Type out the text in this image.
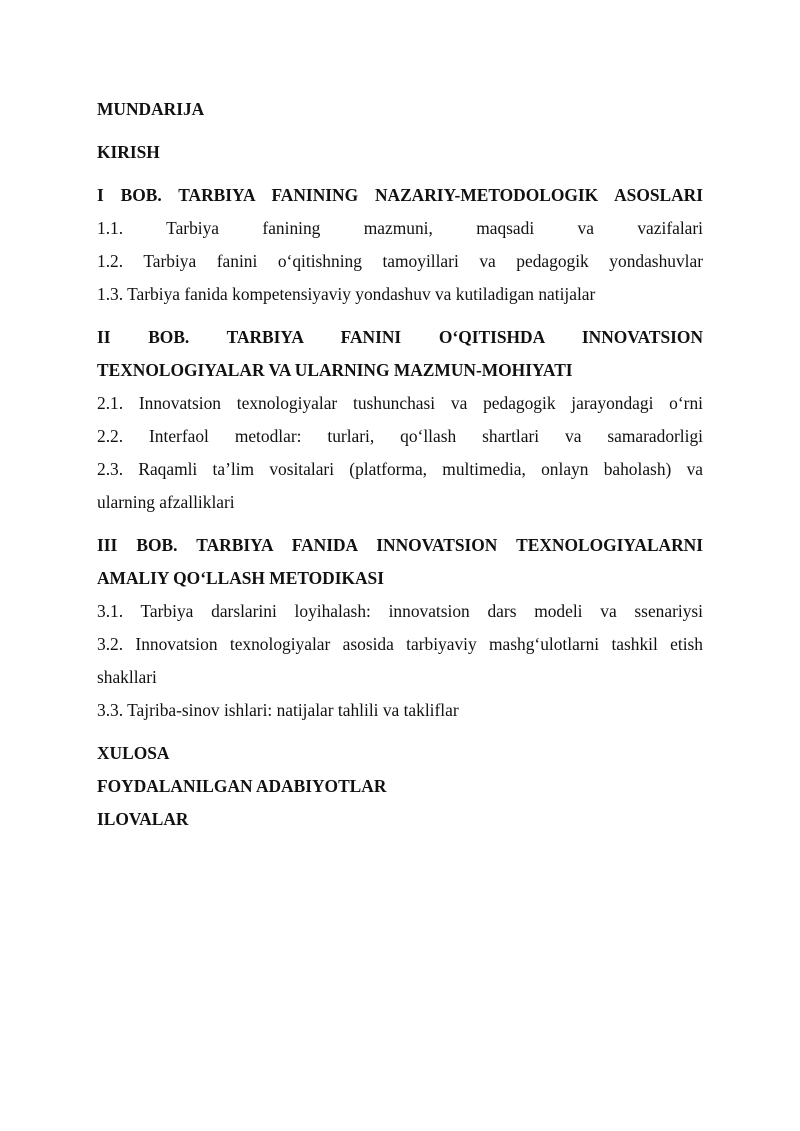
MUNDARIJA

KIRISH

I BOB. TARBIYA FANINING NAZARIY-METODOLOGIK ASOSLARI

1.1. Tarbiya fanining mazmuni, maqsadi va vazifalari

1.2. Tarbiya fanini o‘qitishning tamoyillari va pedagogik yondashuvlar

1.3. Tarbiya fanida kompetensiyaviy yondashuv va kutiladigan natijalar

II BOB. TARBIYA FANINI O‘QITISHDA INNOVATSION

TEXNOLOGIYALAR VA ULARNING MAZMUN-MOHIYATI

2.1. Innovatsion texnologiyalar tushunchasi va pedagogik jarayondagi o‘rni

2.2. Interfaol metodlar: turlari, qo‘llash shartlari va samaradorligi

2.3. Raqamli ta’lim vositalari (platforma, multimedia, onlayn baholash) va

ularning afzalliklari

III BOB. TARBIYA FANIDA INNOVATSION TEXNOLOGIYALARNI

AMALIY QO‘LLASH METODIKASI

3.1. Tarbiya darslarini loyihalash: innovatsion dars modeli va ssenariysi

3.2. Innovatsion texnologiyalar asosida tarbiyaviy mashg‘ulotlarni tashkil etish

shakllari

3.3. Tajriba-sinov ishlari: natijalar tahlili va takliflar

XULOSA

FOYDALANILGAN ADABIYOTLAR

ILOVALAR
